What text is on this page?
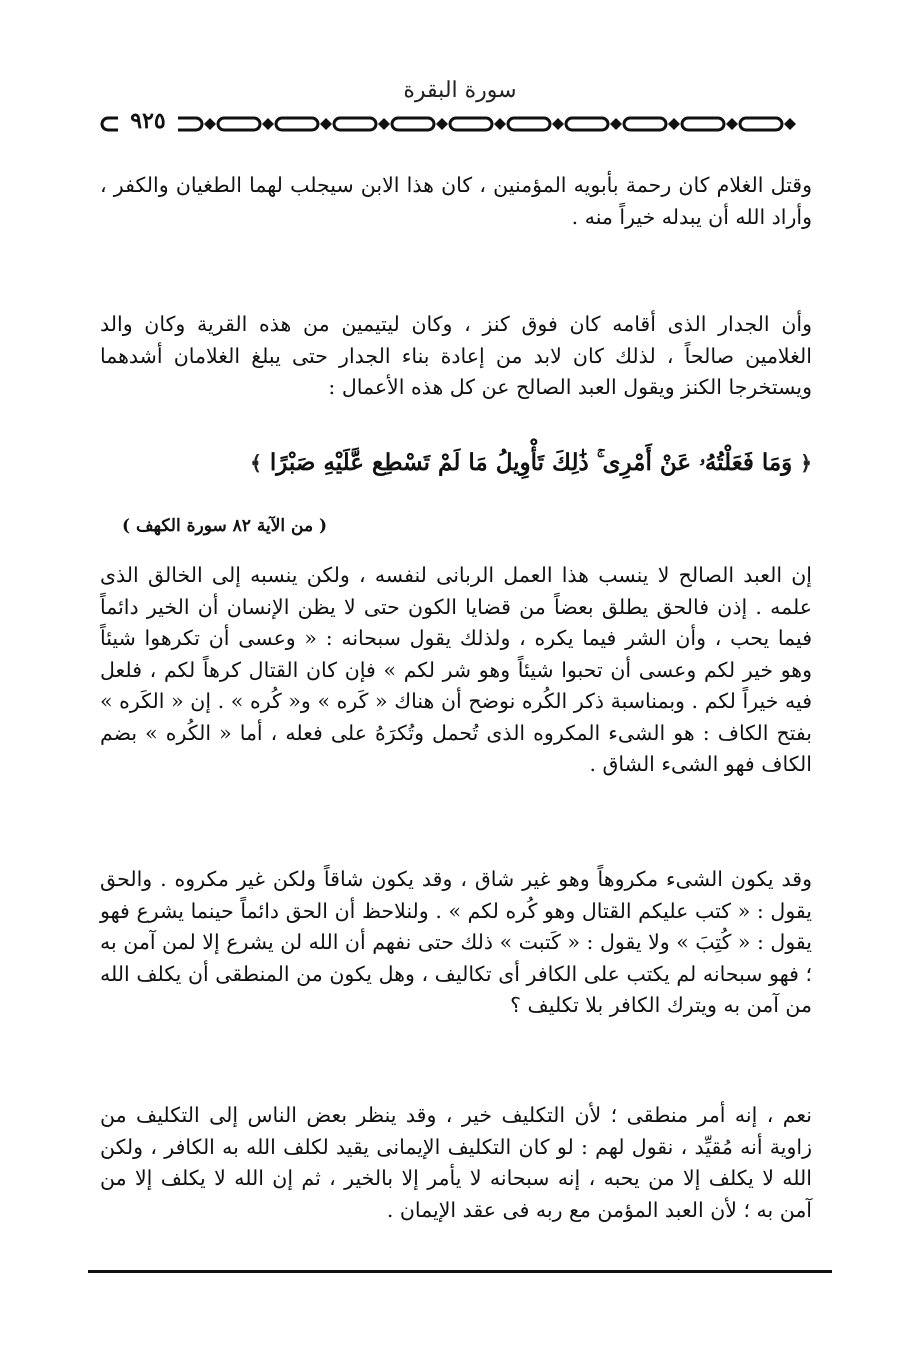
سورة البقرة
٩٢٥
وقتل الغلام كان رحمة بأبويه المؤمنين ، كان هذا الابن سيجلب لهما الطغيان والكفر ، وأراد الله أن يبدله خيراً منه .
وأن الجدار الذى أقامه كان فوق كنز ، وكان ليتيمين من هذه القرية وكان والد الغلامين صالحاً ، لذلك كان لابد من إعادة بناء الجدار حتى يبلغ الغلامان أشدهما ويستخرجا الكنز ويقول العبد الصالح عن كل هذه الأعمال :
﴿ وَمَا فَعَلْتُهُۥ عَنْ أَمْرِى ۚ ذَٰلِكَ تَأْوِيلُ مَا لَمْ تَسْطِع عَّلَيْهِ صَبْرًا ﴾
( من الآية ٨٢ سورة الكهف )
إن العبد الصالح لا ينسب هذا العمل الربانى لنفسه ، ولكن ينسبه إلى الخالق الذى علمه . إذن فالحق يطلق بعضاً من قضايا الكون حتى لا يظن الإنسان أن الخير دائماً فيما يحب ، وأن الشر فيما يكره ، ولذلك يقول سبحانه : « وعسى أن تكرهوا شيئاً وهو خير لكم وعسى أن تحبوا شيئاً وهو شر لكم » فإن كان القتال كرهاً لكم ، فلعل فيه خيراً لكم . وبمناسبة ذكر الكُره نوضح أن هناك « كَره » و« كُره » . إن « الكَره » بفتح الكاف : هو الشىء المكروه الذى تُحمل وتُكرَهُ على فعله ، أما « الكُره » بضم الكاف فهو الشىء الشاق .
وقد يكون الشىء مكروهاً وهو غير شاق ، وقد يكون شاقاً ولكن غير مكروه . والحق يقول : « كتب عليكم القتال وهو كُره لكم » . ولنلاحظ أن الحق دائماً حينما يشرع فهو يقول : « كُتِبَ » ولا يقول : « كَتبت » ذلك حتى نفهم أن الله لن يشرع إلا لمن آمن به ؛ فهو سبحانه لم يكتب على الكافر أى تكاليف ، وهل يكون من المنطقى أن يكلف الله من آمن به ويترك الكافر بلا تكليف ؟
نعم ، إنه أمر منطقى ؛ لأن التكليف خير ، وقد ينظر بعض الناس إلى التكليف من زاوية أنه مُقيِّد ، نقول لهم : لو كان التكليف الإيمانى يقيد لكلف الله به الكافر ، ولكن الله لا يكلف إلا من يحبه ، إنه سبحانه لا يأمر إلا بالخير ، ثم إن الله لا يكلف إلا من آمن به ؛ لأن العبد المؤمن مع ربه فى عقد الإيمان .
